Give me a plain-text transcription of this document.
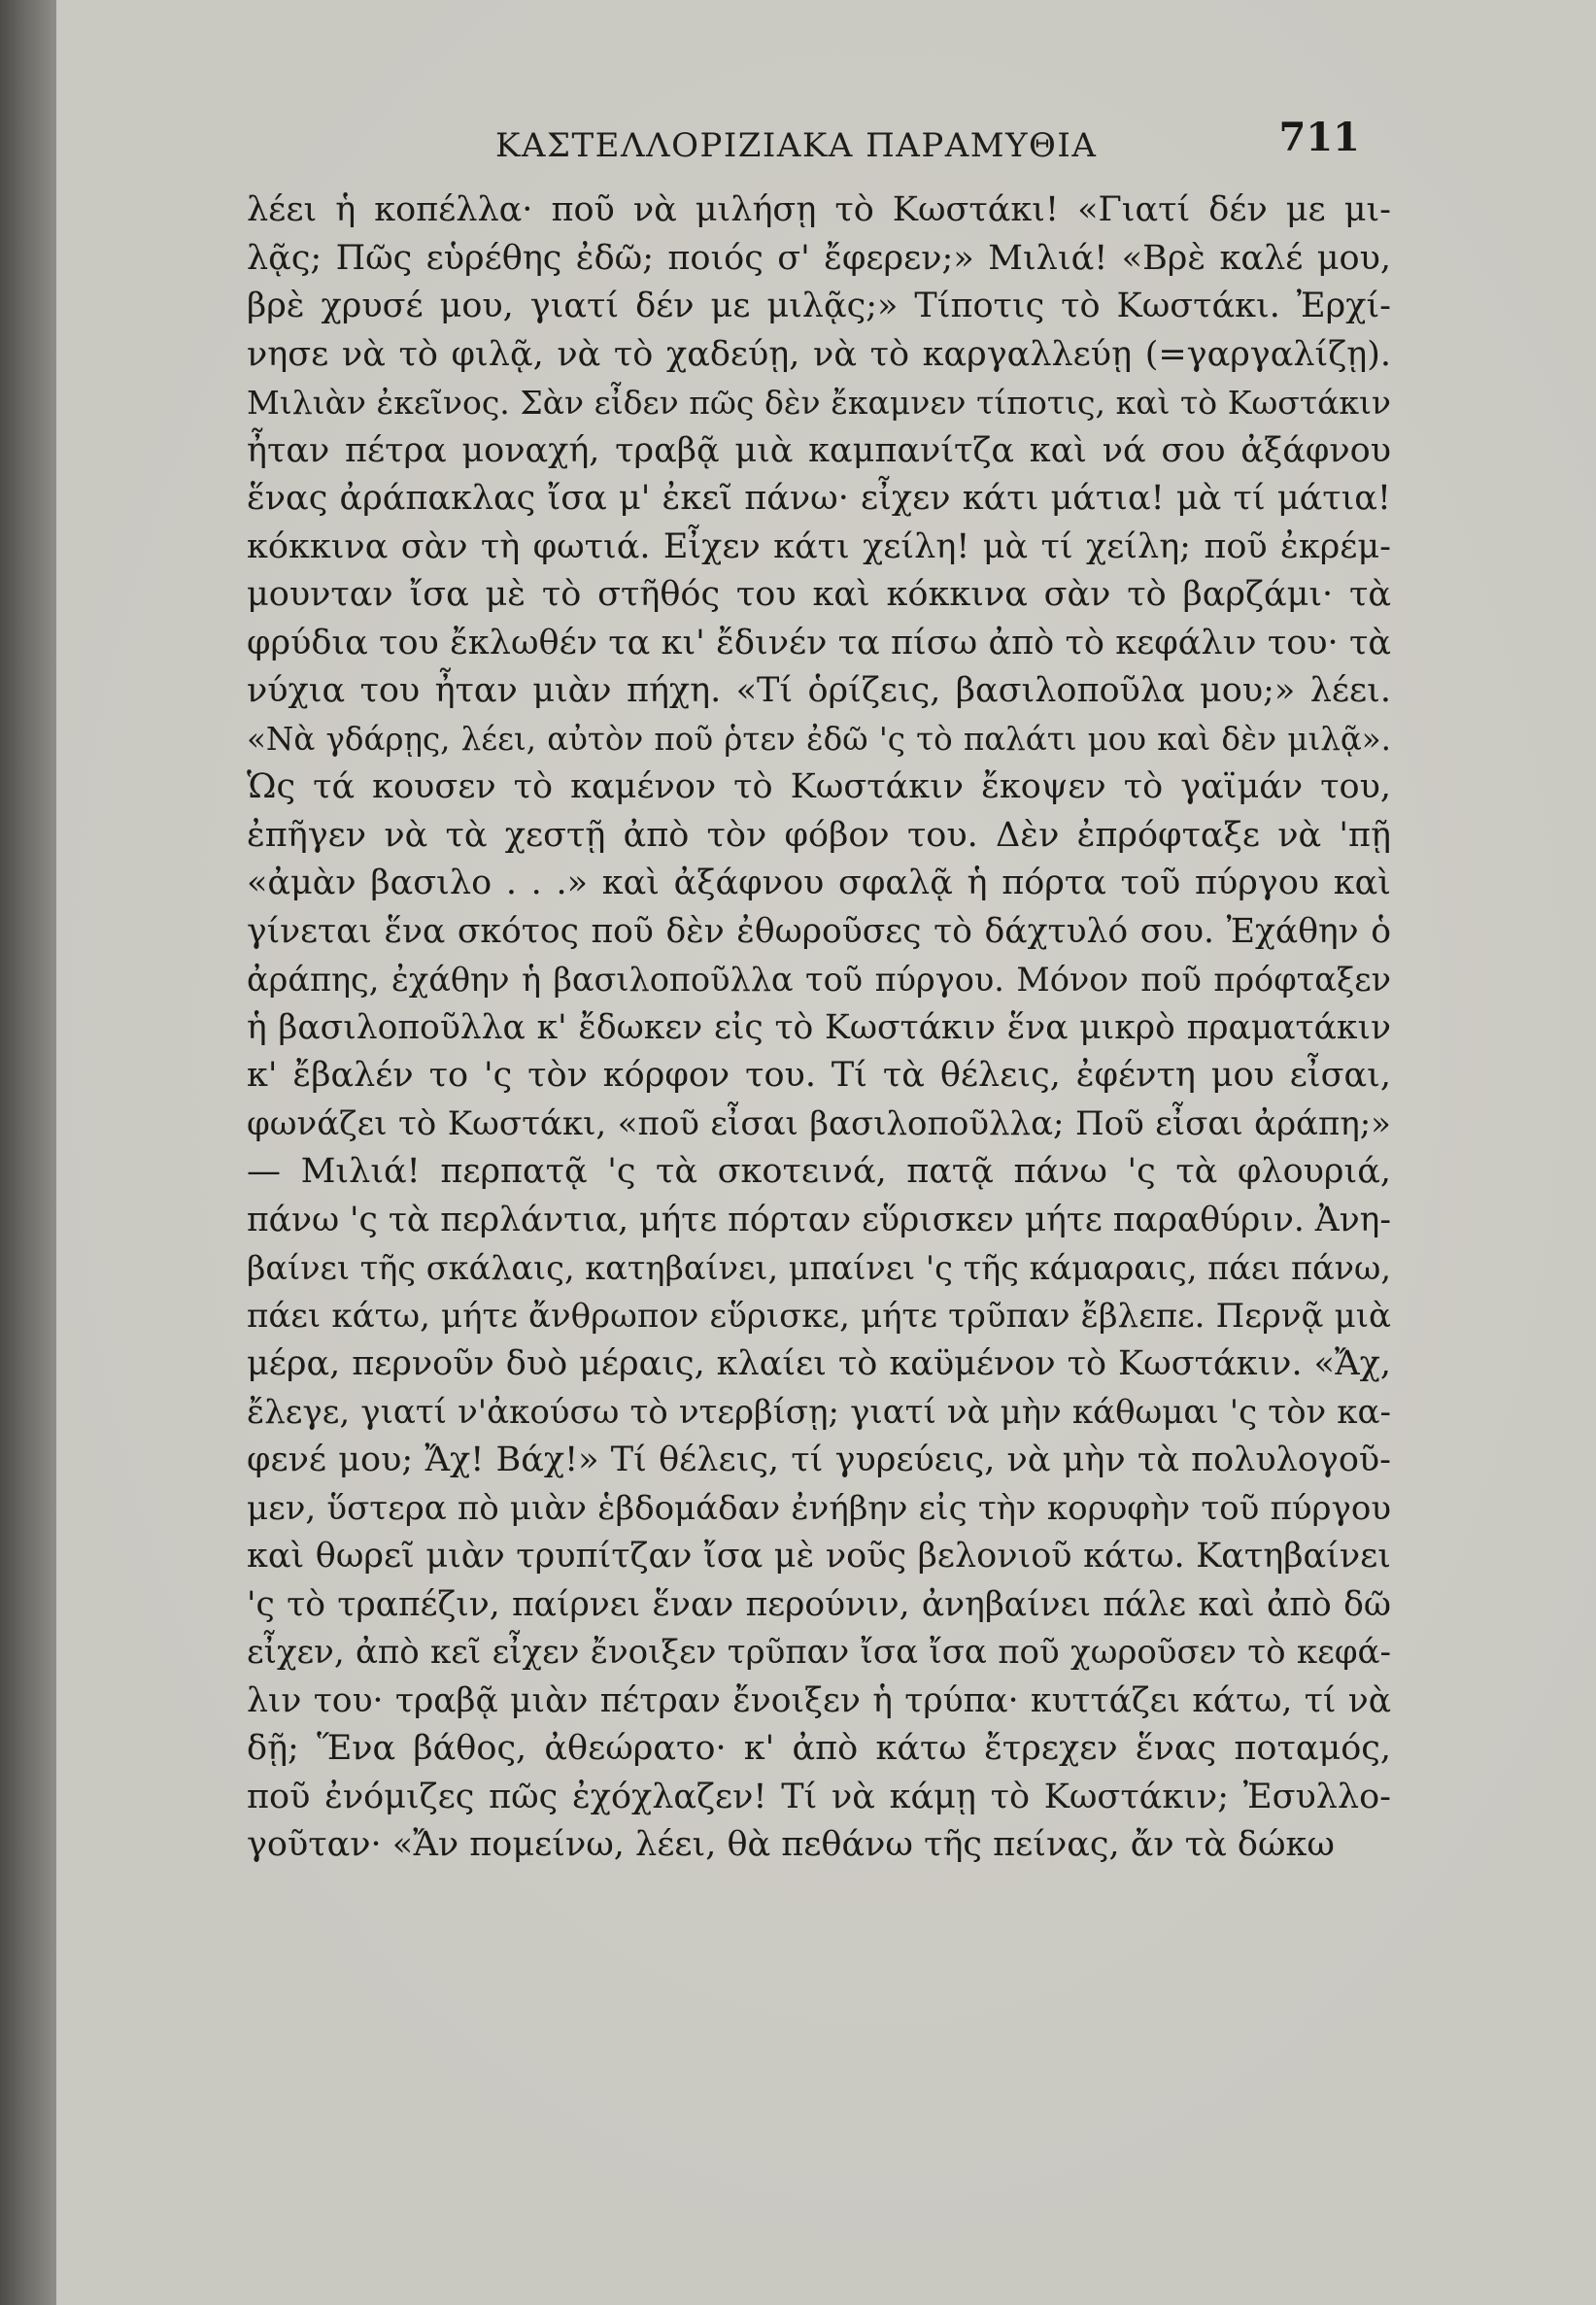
ΚΑΣΤΕΛΛΟΡΙΖΙΑΚΑ ΠΑΡΑΜΥΘΙΑ	711
λέει ἡ κοπέλλα· ποῦ νὰ μιλήσῃ τὸ Κωστάκι! «Γιατί δέν με μι-
λᾷς; Πῶς εὑρέθης ἐδῶ; ποιός σ' ἔφερεν;» Μιλιά! «Βρὲ καλέ μου,
βρὲ χρυσέ μου, γιατί δέν με μιλᾷς;» Τίποτις τὸ Κωστάκι. Ἐρχί-
νησε νὰ τὸ φιλᾷ, νὰ τὸ χαδεύῃ, νὰ τὸ καργαλλεύῃ (=γαργαλίζῃ).
Μιλιὰν ἐκεῖνος. Σὰν εἶδεν πῶς δὲν ἔκαμνεν τίποτις, καὶ τὸ Κωστάκιν
ἦταν πέτρα μοναχή, τραβᾷ μιὰ καμπανίτζα καὶ νά σου ἀξάφνου
ἕνας ἀράπακλας ἴσα μ' ἐκεῖ πάνω· εἶχεν κάτι μάτια! μὰ τί μάτια!
κόκκινα σὰν τὴ φωτιά. Εἶχεν κάτι χείλη! μὰ τί χείλη; ποῦ ἐκρέμ-
μουνταν ἴσα μὲ τὸ στῆθός του καὶ κόκκινα σὰν τὸ βαρζάμι· τὰ
φρύδια του ἔκλωθέν τα κι' ἔδινέν τα πίσω ἀπὸ τὸ κεφάλιν του· τὰ
νύχια του ἦταν μιὰν πήχη. «Τί ὁρίζεις, βασιλοποῦλα μου;» λέει.
«Νὰ γδάρῃς, λέει, αὐτὸν ποῦ ῥτεν ἐδῶ 'ς τὸ παλάτι μου καὶ δὲν μιλᾷ».
Ὡς τά κουσεν τὸ καμένον τὸ Κωστάκιν ἔκοψεν τὸ γαϊμάν του,
ἐπῆγεν νὰ τὰ χεστῇ ἀπὸ τὸν φόβον του. Δὲν ἐπρόφταξε νὰ 'πῇ
«ἀμὰν βασιλο . . .» καὶ ἀξάφνου σφαλᾷ ἡ πόρτα τοῦ πύργου καὶ
γίνεται ἕνα σκότος ποῦ δὲν ἐθωροῦσες τὸ δάχτυλό σου. Ἐχάθην ὁ
ἀράπης, ἐχάθην ἡ βασιλοποῦλλα τοῦ πύργου. Μόνον ποῦ πρόφταξεν
ἡ βασιλοποῦλλα κ' ἔδωκεν εἰς τὸ Κωστάκιν ἕνα μικρὸ πραματάκιν
κ' ἔβαλέν το 'ς τὸν κόρφον του. Τί τὰ θέλεις, ἐφέντη μου εἶσαι,
φωνάζει τὸ Κωστάκι, «ποῦ εἶσαι βασιλοποῦλλα; Ποῦ εἶσαι ἀράπη;»
— Μιλιά! περπατᾷ 'ς τὰ σκοτεινά, πατᾷ πάνω 'ς τὰ φλουριά,
πάνω 'ς τὰ περλάντια, μήτε πόρταν εὕρισκεν μήτε παραθύριν. Ἀνη-
βαίνει τῆς σκάλαις, κατηβαίνει, μπαίνει 'ς τῆς κάμαραις, πάει πάνω,
πάει κάτω, μήτε ἄνθρωπον εὕρισκε, μήτε τρῦπαν ἔβλεπε. Περνᾷ μιὰ
μέρα, περνοῦν δυὸ μέραις, κλαίει τὸ καϋμένον τὸ Κωστάκιν. «Ἄχ,
ἔλεγε, γιατί ν'ἀκούσω τὸ ντερβίσῃ; γιατί νὰ μὴν κάθωμαι 'ς τὸν κα-
φενέ μου; Ἄχ! Βάχ!» Τί θέλεις, τί γυρεύεις, νὰ μὴν τὰ πολυλογοῦ-
μεν, ὕστερα πὸ μιὰν ἑβδομάδαν ἐνήβην εἰς τὴν κορυφὴν τοῦ πύργου
καὶ θωρεῖ μιὰν τρυπίτζαν ἴσα μὲ νοῦς βελονιοῦ κάτω. Κατηβαίνει
'ς τὸ τραπέζιν, παίρνει ἕναν περούνιν, ἀνηβαίνει πάλε καὶ ἀπὸ δῶ
εἶχεν, ἀπὸ κεῖ εἶχεν ἔνοιξεν τρῦπαν ἴσα ἴσα ποῦ χωροῦσεν τὸ κεφά-
λιν του· τραβᾷ μιὰν πέτραν ἔνοιξεν ἡ τρύπα· κυττάζει κάτω, τί νὰ
δῇ; Ἕνα βάθος, ἀθεώρατο· κ' ἀπὸ κάτω ἔτρεχεν ἕνας ποταμός,
ποῦ ἐνόμιζες πῶς ἐχόχλαζεν! Τί νὰ κάμῃ τὸ Κωστάκιν; Ἐσυλλο-
γοῦταν· «Ἄν πομείνω, λέει, θὰ πεθάνω τῆς πείνας, ἄν τὰ δώκω
